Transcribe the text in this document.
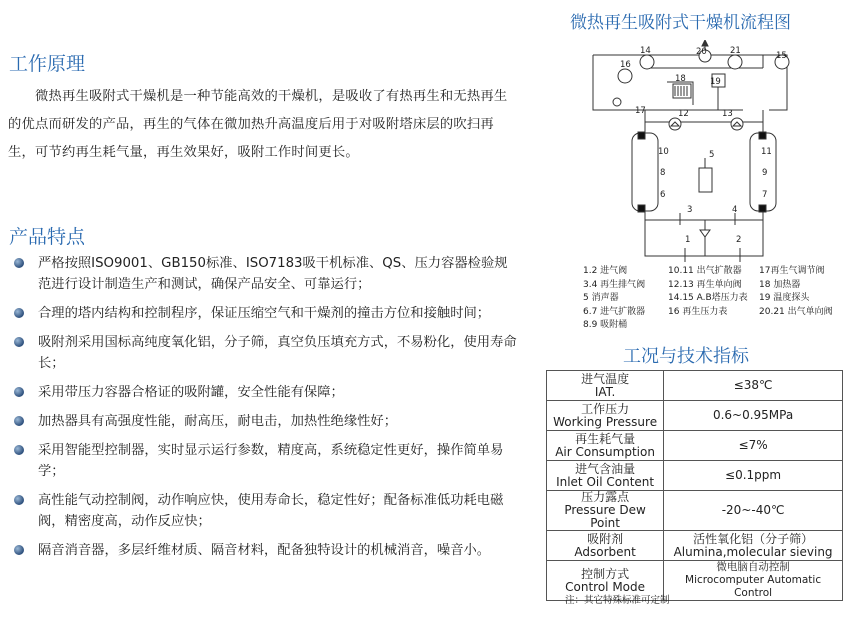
工作原理
微热再生吸附式干燥机是一种节能高效的干燥机，是吸收了有热再生和无热再生的优点而研发的产品，再生的气体在微加热升高温度后用于对吸附塔床层的吹扫再生，可节约再生耗气量，再生效果好，吸附工作时间更长。
产品特点
严格按照ISO9001、GB150标准、ISO7183吸干机标准、QS、压力容器检验规范进行设计制造生产和测试，确保产品安全、可靠运行；
合理的塔内结构和控制程序，保证压缩空气和干燥剂的撞击方位和接触时间；
吸附剂采用国标高纯度氧化铝，分子筛，真空负压填充方式，不易粉化，使用寿命长；
采用带压力容器合格证的吸附罐，安全性能有保障；
加热器具有高强度性能，耐高压，耐电击，加热性绝缘性好；
采用智能型控制器，实时显示运行参数，精度高，系统稳定性更好，操作简单易学；
高性能气动控制阀，动作响应快，使用寿命长，稳定性好；配备标准低功耗电磁阀，精密度高，动作反应快；
隔音消音器，多层纤维材质、隔音材料，配备独特设计的机械消音，噪音小。
微热再生吸附式干燥机流程图
20
14	21	15
16
18	19
17	12	13
10
8
6
5	11
9
7
3	4
1	2
1.2 进气阀
3.4 再生排气阀
5 消声器
6.7 进气扩散器
8.9 吸附桶
10.11 出气扩散器
12.13 再生单向阀
14.15 A.B塔压力表
16 再生压力表
17再生气调节阀
18 加热器
19 温度探头
20.21 出气单向阀
工况与技术指标
进气温度
IAT.	≤38℃

工作压力
Working Pressure	0.6~0.95MPa

再生耗气量
Air Consumption	≤7%

进气含油量
Inlet Oil Content	≤0.1ppm

压力露点
Pressure Dew Point	-20~-40℃

吸附剂
Adsorbent	活性氧化铝（分子筛）
Alumina,molecular sieving

控制方式
Control Mode	微电脑自动控制
Microcomputer Automatic Control
注：其它特殊标准可定制
